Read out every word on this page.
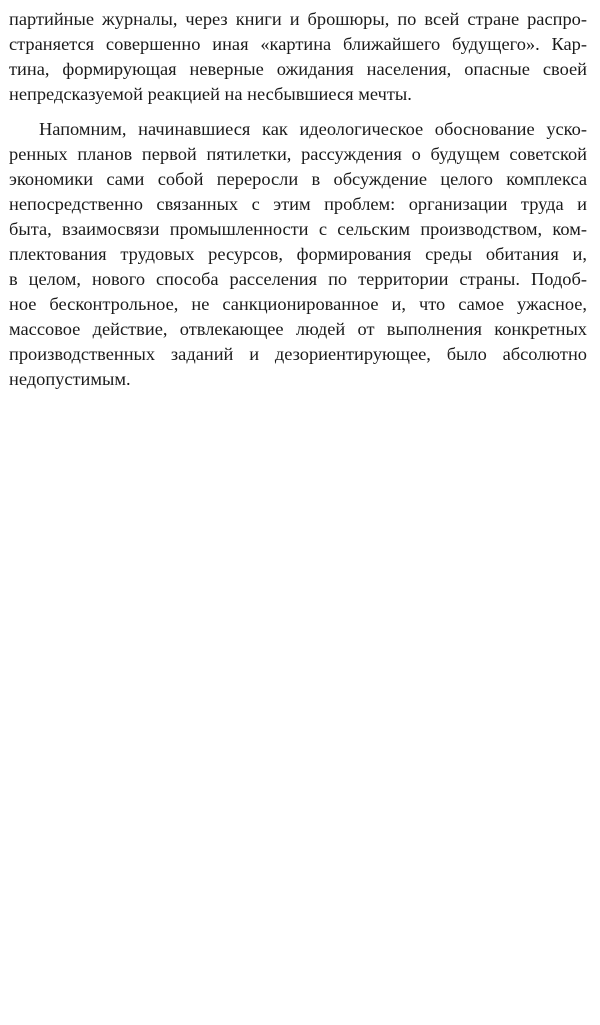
партийные журналы, через книги и брошюры, по всей стране распро-
страняется совершенно иная «картина ближайшего будущего». Кар-
тина, формирующая неверные ожидания населения, опасные своей
непредсказуемой реакцией на несбывшиеся мечты.
Напомним, начинавшиеся как идеологическое обоснование уско-
ренных планов первой пятилетки, рассуждения о будущем советской
экономики сами собой переросли в обсуждение целого комплекса
непосредственно связанных с этим проблем: организации труда и
быта, взаимосвязи промышленности с сельским производством, ком-
плектования трудовых ресурсов, формирования среды обитания и,
в целом, нового способа расселения по территории страны. Подоб-
ное бесконтрольное, не санкционированное и, что самое ужасное,
массовое действие, отвлекающее людей от выполнения конкретных
производственных заданий и дезориентирующее, было абсолютно
недопустимым.
